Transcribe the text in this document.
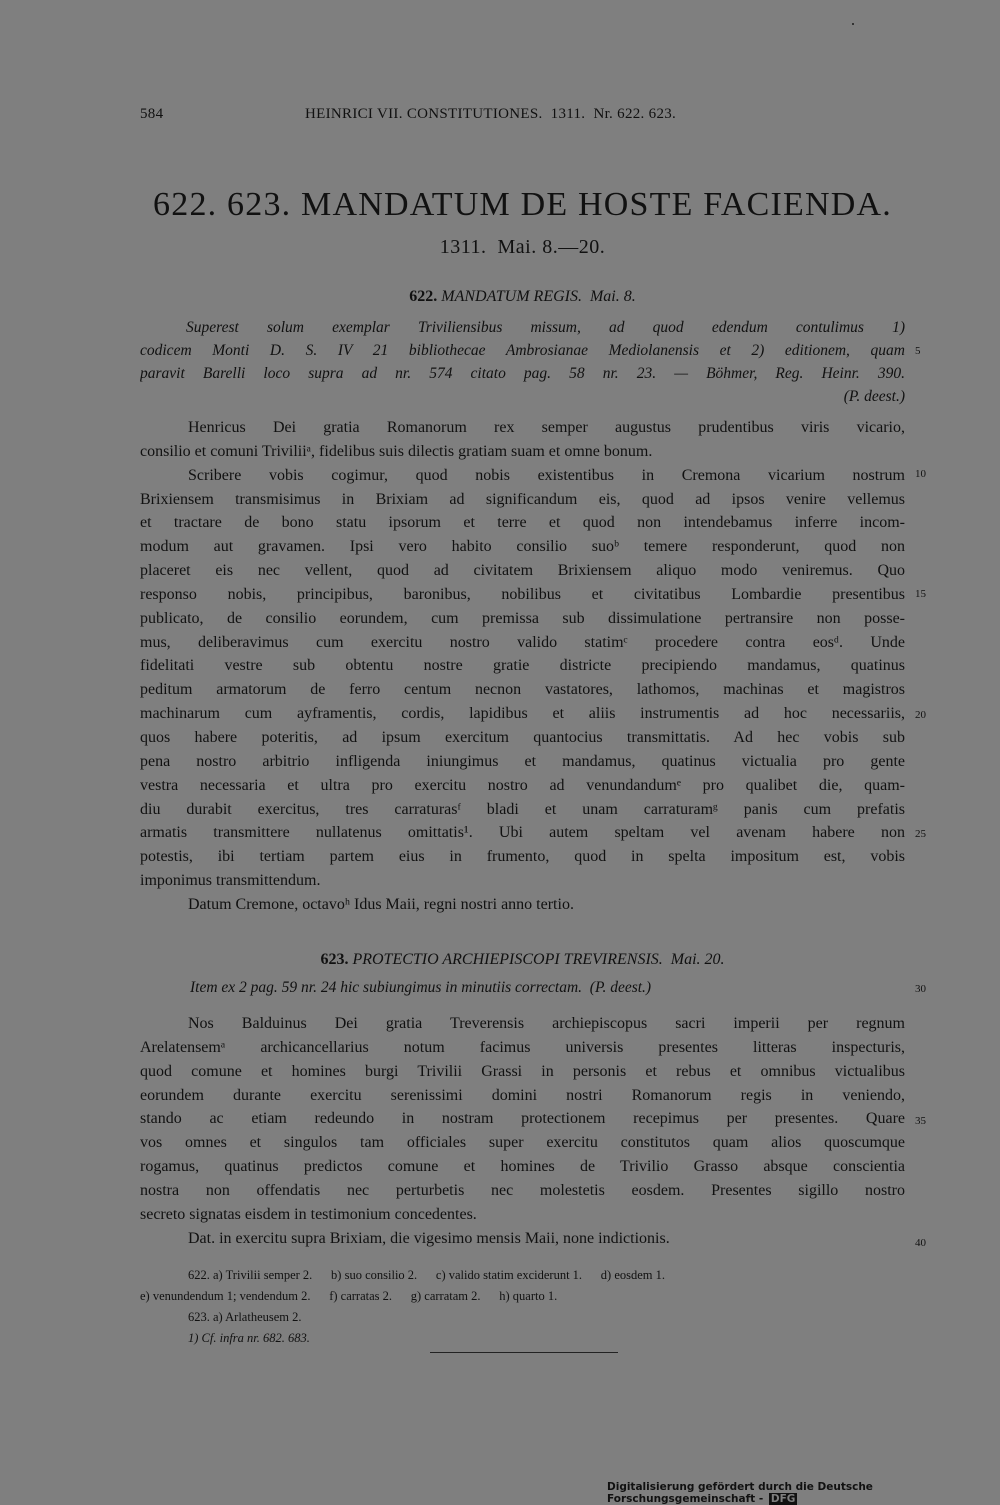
584	HEINRICI VII. CONSTITUTIONES.  1311.  Nr. 622. 623.
622. 623. MANDATUM DE HOSTE FACIENDA.
1311.  Mai. 8.—20.
622. MANDATUM REGIS. Mai. 8.
Superest solum exemplar Triviliensibus missum, ad quod edendum contulimus 1)
codicem Monti D. S. IV 21 bibliothecae Ambrosianae Mediolanensis et 2) editionem, quam
paravit Barelli loco supra ad nr. 574 citato pag. 58 nr. 23. — Böhmer, Reg. Heinr. 390.
(P. deest.)
Henricus Dei gratia Romanorum rex semper augustus prudentibus viris vicario,
consilio et comuni Triviliiᵃ, fidelibus suis dilectis gratiam suam et omne bonum.
Scribere vobis cogimur, quod nobis existentibus in Cremona vicarium nostrum
Brixiensem transmisimus in Brixiam ad significandum eis, quod ad ipsos venire vellemus
et tractare de bono statu ipsorum et terre et quod non intendebamus inferre incom-
modum aut gravamen. Ipsi vero habito consilio suoᵇ temere responderunt, quod non
placeret eis nec vellent, quod ad civitatem Brixiensem aliquo modo veniremus. Quo
responso nobis, principibus, baronibus, nobilibus et civitatibus Lombardie presentibus
publicato, de consilio eorundem, cum premissa sub dissimulatione pertransire non posse-
mus, deliberavimus cum exercitu nostro valido statimᶜ procedere contra eosᵈ. Unde
fidelitati vestre sub obtentu nostre gratie districte precipiendo mandamus, quatinus
peditum armatorum de ferro centum necnon vastatores, lathomos, machinas et magistros
machinarum cum ayframentis, cordis, lapidibus et aliis instrumentis ad hoc necessariis,
quos habere poteritis, ad ipsum exercitum quantocius transmittatis. Ad hec vobis sub
pena nostro arbitrio infligenda iniungimus et mandamus, quatinus victualia pro gente
vestra necessaria et ultra pro exercitu nostro ad venundandumᵉ pro qualibet die, quam-
diu durabit exercitus, tres carraturasᶠ bladi et unam carraturamᵍ panis cum prefatis
armatis transmittere nullatenus omittatis¹. Ubi autem speltam vel avenam habere non
potestis, ibi tertiam partem eius in frumento, quod in spelta impositum est, vobis
imponimus transmittendum.
Datum Cremone, octavoʰ Idus Maii, regni nostri anno tertio.
623. PROTECTIO ARCHIEPISCOPI TREVIRENSIS. Mai. 20.
Item ex 2 pag. 59 nr. 24 hic subiungimus in minutiis correctam.  (P. deest.)
Nos Balduinus Dei gratia Treverensis archiepiscopus sacri imperii per regnum
Arelatensemᵃ archicancellarius notum facimus universis presentes litteras inspecturis,
quod comune et homines burgi Trivilii Grassi in personis et rebus et omnibus victualibus
eorundem durante exercitu serenissimi domini nostri Romanorum regis in veniendo,
stando ac etiam redeundo in nostram protectionem recepimus per presentes. Quare
vos omnes et singulos tam officiales super exercitu constitutos quam alios quoscumque
rogamus, quatinus predictos comune et homines de Trivilio Grasso absque conscientia
nostra non offendatis nec perturbetis nec molestetis eosdem. Presentes sigillo nostro
secreto signatas eisdem in testimonium concedentes.
Dat. in exercitu supra Brixiam, die vigesimo mensis Maii, none indictionis.
5
10
15
20
25
30
35
40
622. a) Trivilii semper 2.      b) suo consilio 2.      c) valido statim exciderunt 1.      d) eosdem 1.
e) venundendum 1; vendendum 2.      f) carratas 2.      g) carratam 2.      h) quarto 1.
623. a) Arlatheusem 2.
1) Cf. infra nr. 682. 683.
Digitalisierung gefördert durch die Deutsche Forschungsgemeinschaft - DFG
